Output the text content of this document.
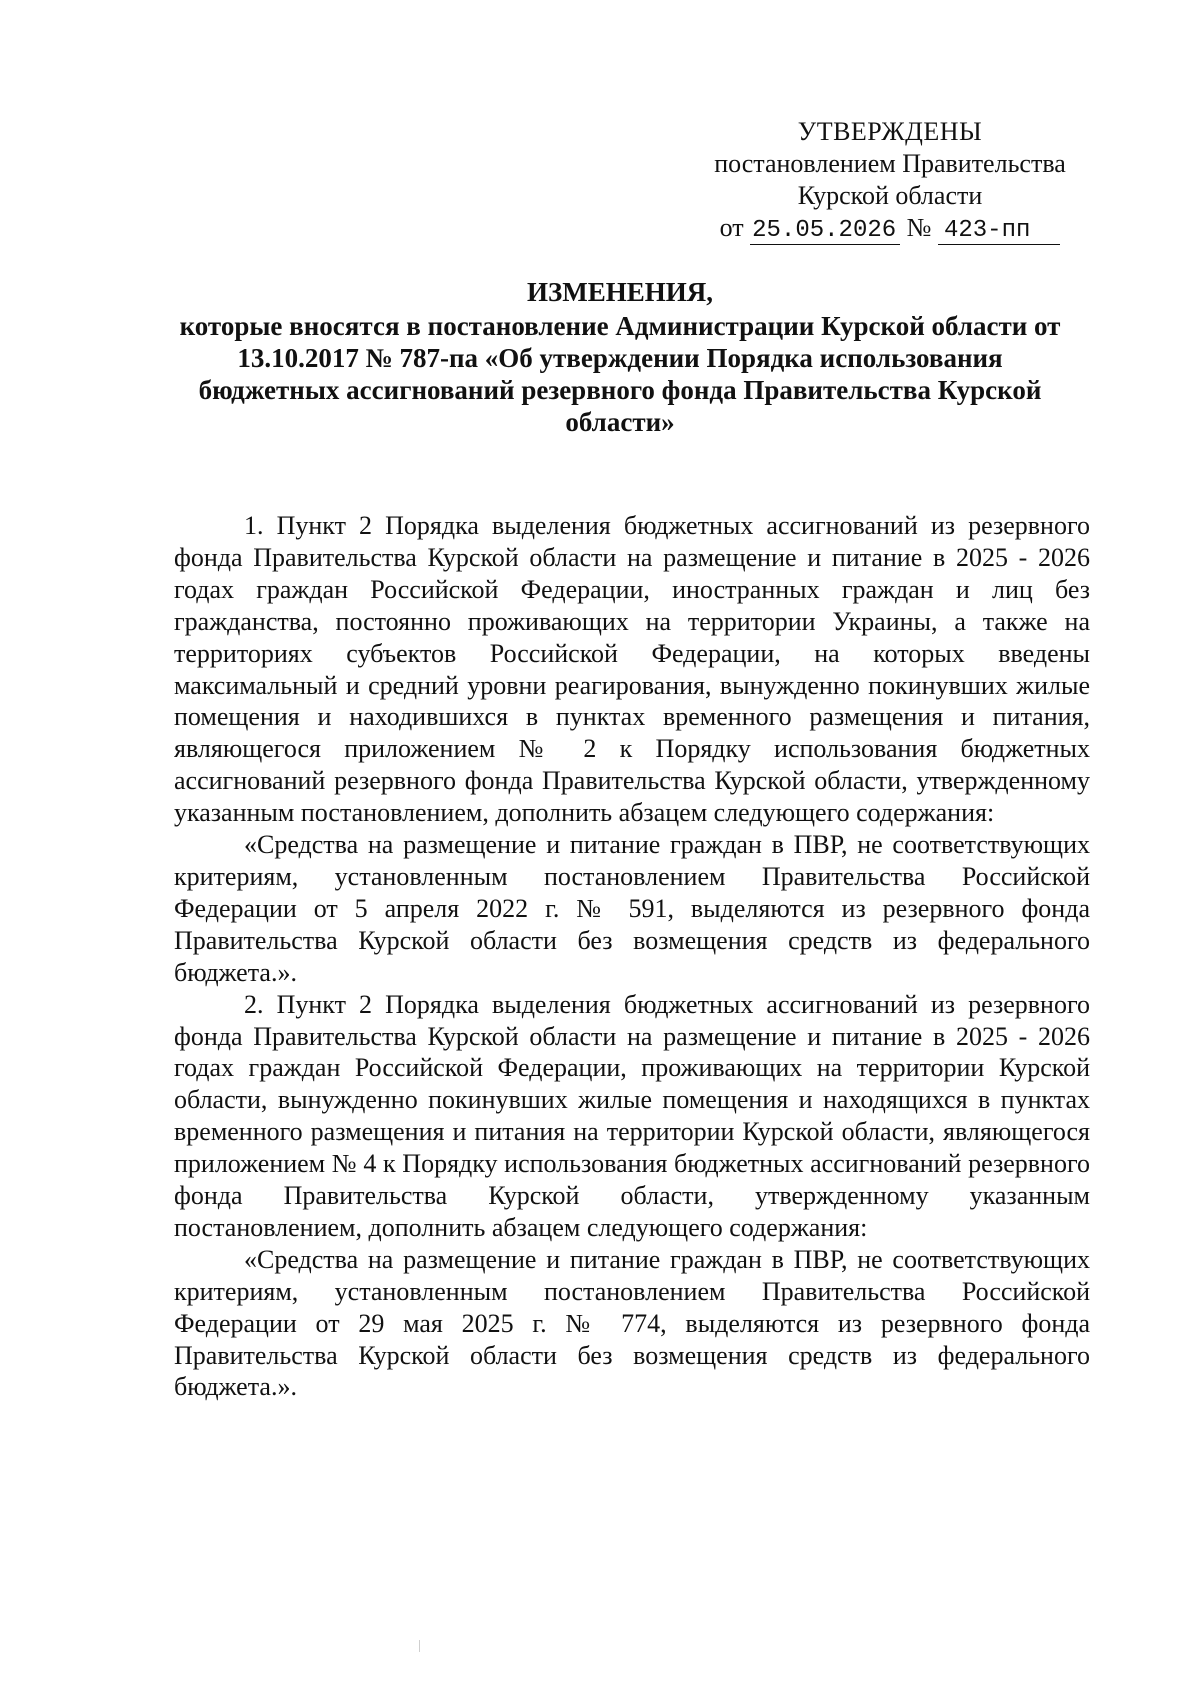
УТВЕРЖДЕНЫ
постановлением Правительства
Курской области
от 25.05.2026 № 423-пп
ИЗМЕНЕНИЯ,
которые вносятся в постановление Администрации Курской области от 13.10.2017 № 787-па «Об утверждении Порядка использования бюджетных ассигнований резервного фонда Правительства Курской области»

1. Пункт 2 Порядка выделения бюджетных ассигнований из резервного фонда Правительства Курской области на размещение и питание в 2025 - 2026 годах граждан Российской Федерации, иностранных граждан и лиц без гражданства, постоянно проживающих на территории Украины, а также на территориях субъектов Российской Федерации, на которых введены максимальный и средний уровни реагирования, вынужденно покинувших жилые помещения и находившихся в пунктах временного размещения и питания, являющегося приложением № 2 к Порядку использования бюджетных ассигнований резервного фонда Правительства Курской области, утвержденному указанным постановлением, дополнить абзацем следующего содержания:

«Средства на размещение и питание граждан в ПВР, не соответствующих критериям, установленным постановлением Правительства Российской Федерации от 5 апреля 2022 г. № 591, выделяются из резервного фонда Правительства Курской области без возмещения средств из федерального бюджета.».

2. Пункт 2 Порядка выделения бюджетных ассигнований из резервного фонда Правительства Курской области на размещение и питание в 2025 - 2026 годах граждан Российской Федерации, проживающих на территории Курской области, вынужденно покинувших жилые помещения и находящихся в пунктах временного размещения и питания на территории Курской области, являющегося приложением № 4 к Порядку использования бюджетных ассигнований резервного фонда Правительства Курской области, утвержденному указанным постановлением, дополнить абзацем следующего содержания:

«Средства на размещение и питание граждан в ПВР, не соответствующих критериям, установленным постановлением Правительства Российской Федерации от 29 мая 2025 г. № 774, выделяются из резервного фонда Правительства Курской области без возмещения средств из федерального бюджета.».
